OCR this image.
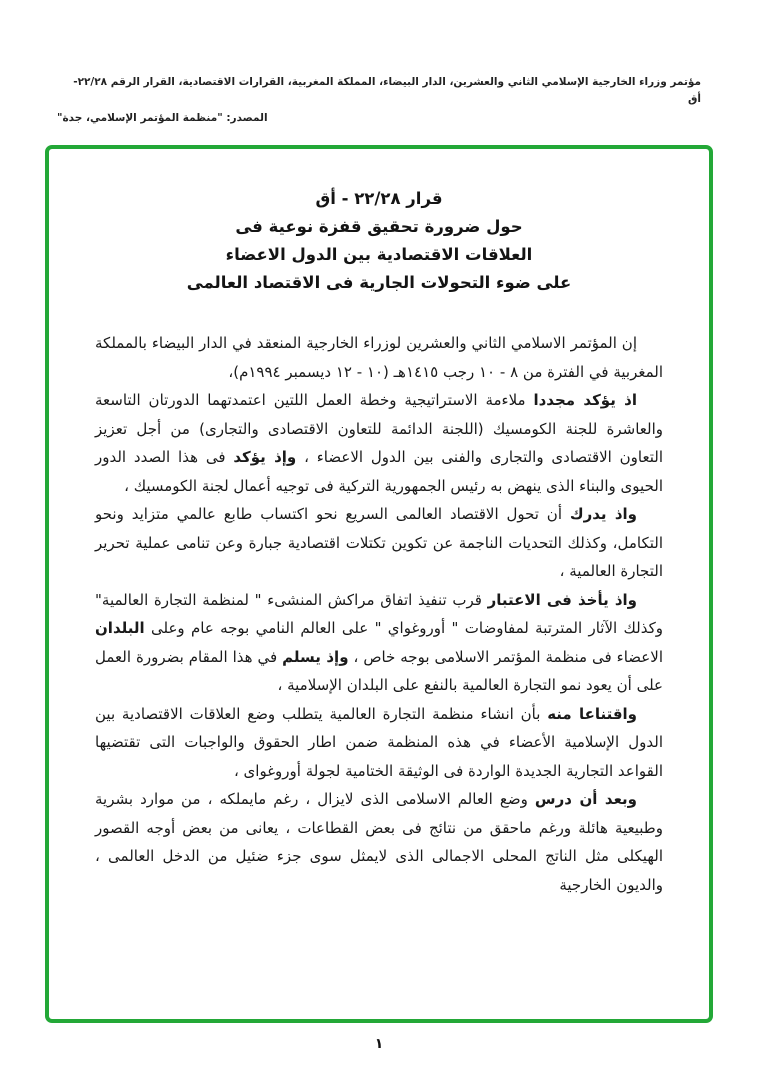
مؤتمر وزراء الخارجية الإسلامي الثاني والعشرين، الدار البيضاء، المملكة المغربية، القرارات الاقتصادية، القرار الرقم ٢٢/٢٨- أق
المصدر: "منظمة المؤتمر الإسلامي، جدة"
قرار ٢٢/٢٨ - أق
حول ضرورة تحقيق قفزة نوعية فى
العلاقات الاقتصادية بين الدول الاعضاء
على ضوء التحولات الجارية فى الاقتصاد العالمى

إن المؤتمر الاسلامي الثاني والعشرين لوزراء الخارجية المنعقد في الدار البيضاء بالمملكة المغربية في الفترة من ٨ - ١٠ رجب ١٤١٥هـ (١٠ - ١٢ ديسمبر ١٩٩٤م)،

اذ يؤكد مجددا ملاءمة الاستراتيجية وخطة العمل اللتين اعتمدتهما الدورتان التاسعة والعاشرة للجنة الكومسيك (اللجنة الدائمة للتعاون الاقتصادى والتجارى) من أجل تعزيز التعاون الاقتصادى والتجارى والفنى بين الدول الاعضاء ، وإذ يؤكد فى هذا الصدد الدور الحيوى والبناء الذى ينهض به رئيس الجمهورية التركية فى توجيه أعمال لجنة الكومسيك ،

واذ يدرك أن تحول الاقتصاد العالمى السريع نحو اكتساب طابع عالمي متزايد ونحو التكامل، وكذلك التحديات الناجمة عن تكوين تكتلات اقتصادية جبارة وعن تنامى عملية تحرير التجارة العالمية ،

واذ يأخذ فى الاعتبار قرب تنفيذ اتفاق مراكش المنشىء " لمنظمة التجارة العالمية" وكذلك الآثار المترتبة لمفاوضات " أوروغواي " على العالم النامي بوجه عام وعلى البلدان الاعضاء فى منظمة المؤتمر الاسلامى بوجه خاص ، وإذ يسلم في هذا المقام بضرورة العمل على أن يعود نمو التجارة العالمية بالنفع على البلدان الإسلامية ،

واقتناعا منه بأن انشاء منظمة التجارة العالمية يتطلب وضع العلاقات الاقتصادية بين الدول الإسلامية الأعضاء في هذه المنظمة ضمن اطار الحقوق والواجبات التى تقتضيها القواعد التجارية الجديدة الواردة فى الوثيقة الختامية لجولة أوروغواى ،

وبعد أن درس وضع العالم الاسلامى الذى لايزال ، رغم مايملكه ، من موارد بشرية وطبيعية هائلة ورغم ماحقق من نتائج فى بعض القطاعات ، يعانى من بعض أوجه القصور الهيكلى مثل الناتج المحلى الاجمالى الذى لايمثل سوى جزء ضئيل من الدخل العالمى ، والديون الخارجية

١
